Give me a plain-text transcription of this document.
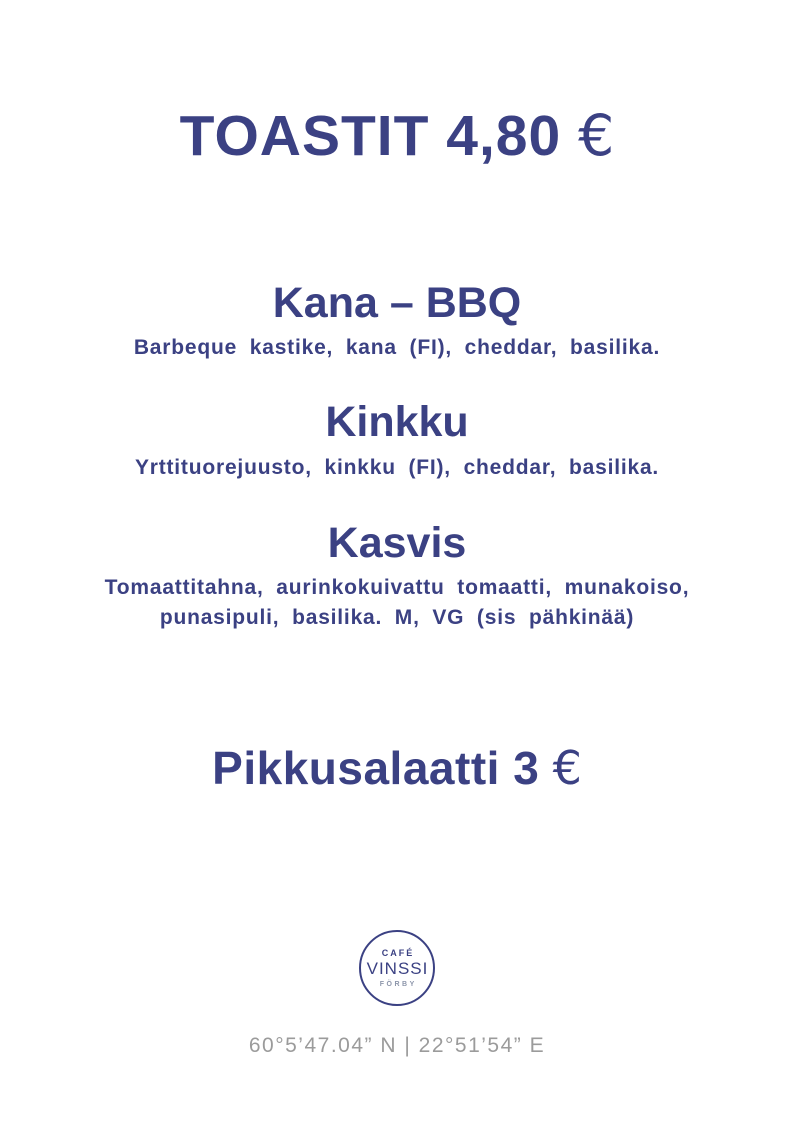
TOASTIT 4,80 €
Kana – BBQ
Barbeque kastike, kana (FI), cheddar, basilika.
Kinkku
Yrttituorejuusto, kinkku (FI), cheddar, basilika.
Kasvis
Tomaattitahna, aurinkokuivattu tomaatti, munakoiso, punasipuli, basilika. M, VG (sis pähkinää)
Pikkusalaatti 3 €
CAFÉ
VINSSI
FÖRBY
60°5’47.04” N | 22°51’54” E
